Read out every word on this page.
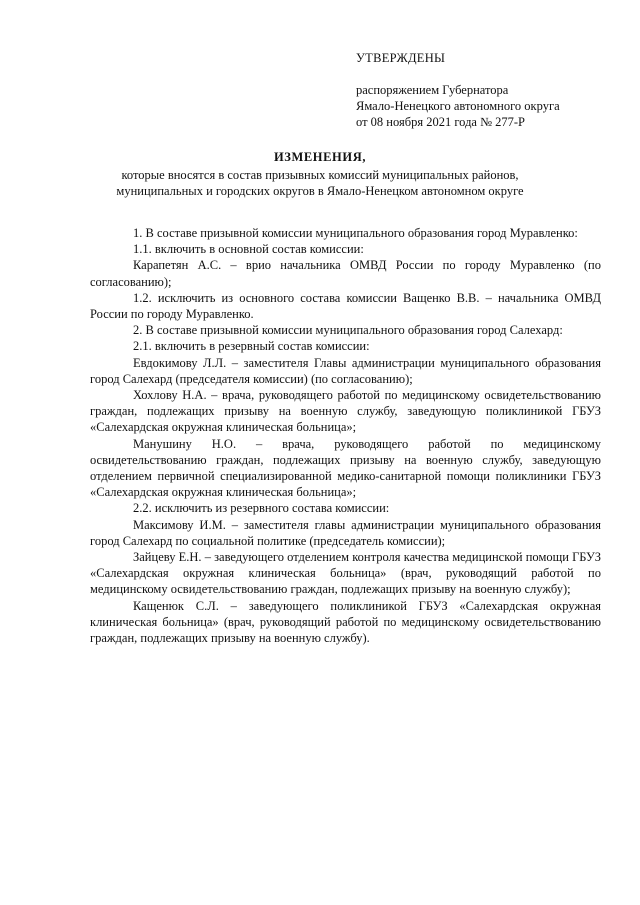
УТВЕРЖДЕНЫ
распоряжением Губернатора
Ямало-Ненецкого автономного округа
от 08 ноября 2021 года № 277-Р
ИЗМЕНЕНИЯ,
которые вносятся в состав призывных комиссий муниципальных районов,
муниципальных и городских округов в Ямало-Ненецком автономном округе

1. В составе призывной комиссии муниципального образования город Муравленко:

1.1. включить в основной состав комиссии:

Карапетян А.С. – врио начальника ОМВД России по городу Муравленко (по согласованию);

1.2. исключить из основного состава комиссии Ващенко В.В. – начальника ОМВД России по городу Муравленко.

2. В составе призывной комиссии муниципального образования город Салехард:

2.1. включить в резервный состав комиссии:

Евдокимову Л.Л. – заместителя Главы администрации муниципального образования город Салехард (председателя комиссии) (по согласованию);

Хохлову Н.А. – врача, руководящего работой по медицинскому освидетельствованию граждан, подлежащих призыву на военную службу, заведующую поликлиникой ГБУЗ «Салехардская окружная клиническая больница»;

Манушину Н.О. – врача, руководящего работой по медицинскому освидетельствованию граждан, подлежащих призыву на военную службу, заведующую отделением первичной специализированной медико-санитарной помощи поликлиники ГБУЗ «Салехардская окружная клиническая больница»;

2.2. исключить из резервного состава комиссии:

Максимову И.М. – заместителя главы администрации муниципального образования город Салехард по социальной политике (председатель комиссии);

Зайцеву Е.Н. – заведующего отделением контроля качества медицинской помощи ГБУЗ «Салехардская окружная клиническая больница» (врач, руководящий работой по медицинскому освидетельствованию граждан, подлежащих призыву на военную службу);

Кащенюк С.Л. – заведующего поликлиникой ГБУЗ «Салехардская окружная клиническая больница» (врач, руководящий работой по медицинскому освидетельствованию граждан, подлежащих призыву на военную службу).
